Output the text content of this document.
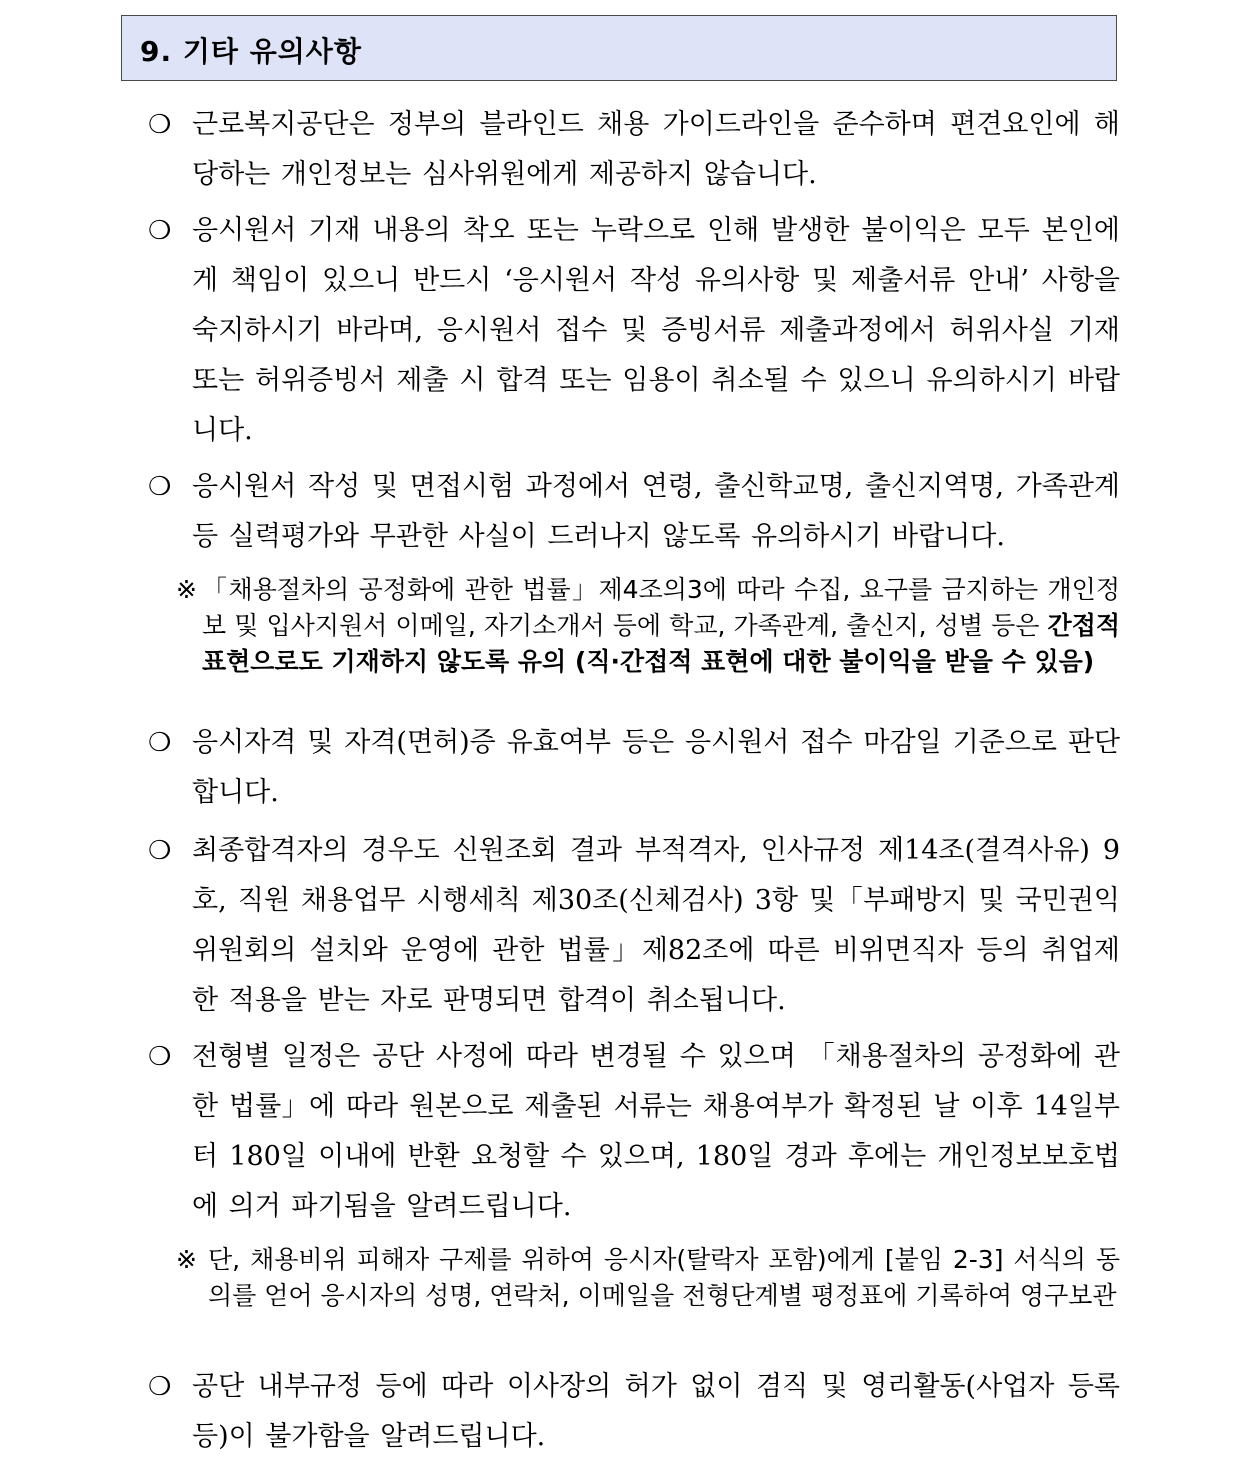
9. 기타 유의사항
❍ 근로복지공단은 정부의 블라인드 채용 가이드라인을 준수하며 편견요인에 해당하는 개인정보는 심사위원에게 제공하지 않습니다.
❍ 응시원서 기재 내용의 착오 또는 누락으로 인해 발생한 불이익은 모두 본인에게 책임이 있으니 반드시 ‘응시원서 작성 유의사항 및 제출서류 안내’ 사항을 숙지하시기 바라며, 응시원서 접수 및 증빙서류 제출과정에서 허위사실 기재 또는 허위증빙서 제출 시 합격 또는 임용이 취소될 수 있으니 유의하시기 바랍니다.
❍ 응시원서 작성 및 면접시험 과정에서 연령, 출신학교명, 출신지역명, 가족관계 등 실력평가와 무관한 사실이 드러나지 않도록 유의하시기 바랍니다.
※ 「채용절차의 공정화에 관한 법률」제4조의3에 따라 수집, 요구를 금지하는 개인정보 및 입사지원서 이메일, 자기소개서 등에 학교, 가족관계, 출신지, 성별 등은 간접적 표현으로도 기재하지 않도록 유의 (직·간접적 표현에 대한 불이익을 받을 수 있음)
❍ 응시자격 및 자격(면허)증 유효여부 등은 응시원서 접수 마감일 기준으로 판단합니다.
❍ 최종합격자의 경우도 신원조회 결과 부적격자, 인사규정 제14조(결격사유) 9호, 직원 채용업무 시행세칙 제30조(신체검사) 3항 및「부패방지 및 국민권익위원회의 설치와 운영에 관한 법률」제82조에 따른 비위면직자 등의 취업제한 적용을 받는 자로 판명되면 합격이 취소됩니다.
❍ 전형별 일정은 공단 사정에 따라 변경될 수 있으며 「채용절차의 공정화에 관한 법률」에 따라 원본으로 제출된 서류는 채용여부가 확정된 날 이후 14일부터 180일 이내에 반환 요청할 수 있으며, 180일 경과 후에는 개인정보보호법에 의거 파기됨을 알려드립니다.
※ 단, 채용비위 피해자 구제를 위하여 응시자(탈락자 포함)에게 [붙임 2-3] 서식의 동의를 얻어 응시자의 성명, 연락처, 이메일을 전형단계별 평정표에 기록하여 영구보관
❍ 공단 내부규정 등에 따라 이사장의 허가 없이 겸직 및 영리활동(사업자 등록 등)이 불가함을 알려드립니다.
